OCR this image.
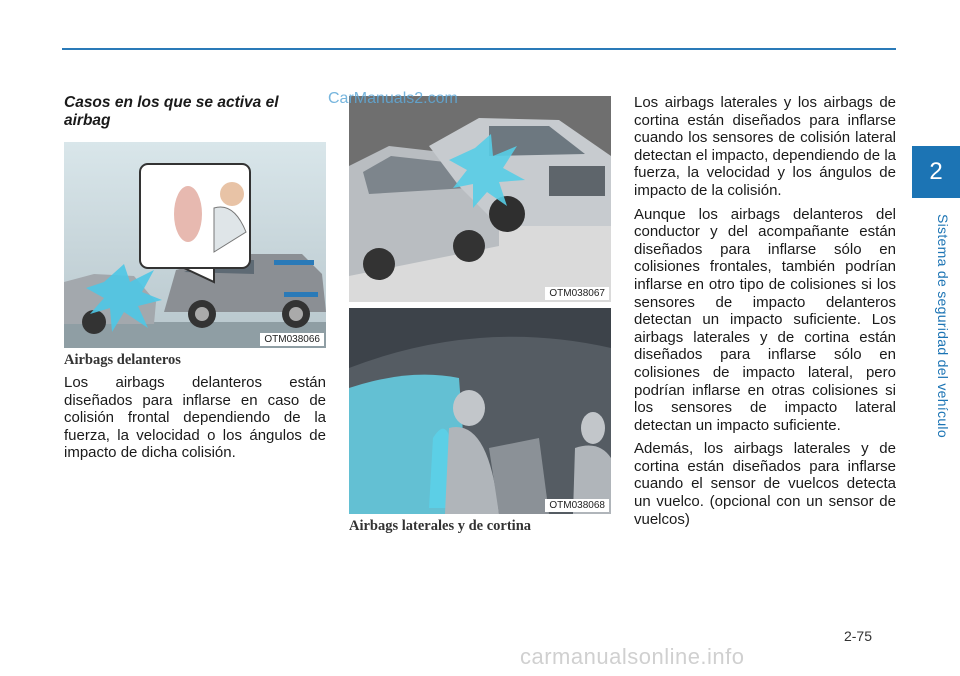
2
Sistema de seguridad del vehículo
Casos en los que se activa el airbag
OTM038066
Airbags delanteros

Los airbags delanteros están diseñados para inflarse en caso de colisión frontal dependiendo de la fuerza, la velocidad o los ángulos de impacto de dicha colisión.

OTM038067
CarManuals2.com
OTM038068
Airbags laterales y de cortina

Los airbags laterales y los airbags de cortina están diseñados para inflarse cuando los sensores de colisión lateral detectan el impacto, dependiendo de la fuerza, la velocidad y los ángulos de impacto de la colisión.

Aunque los airbags delanteros del conductor y del acompañante están diseñados para inflarse sólo en colisiones frontales, también podrían inflarse en otro tipo de colisiones si los sensores de impacto delanteros detectan un impacto suficiente. Los airbags laterales y de cortina están diseñados para inflarse sólo en colisiones de impacto lateral, pero podrían inflarse en otras colisiones si los sensores de impacto lateral detectan un impacto suficiente.

Además, los airbags laterales y de cortina están diseñados para inflarse cuando el sensor de vuelcos detecta un vuelco. (opcional con un sensor de vuelcos)

2-75
carmanualsonline.info
